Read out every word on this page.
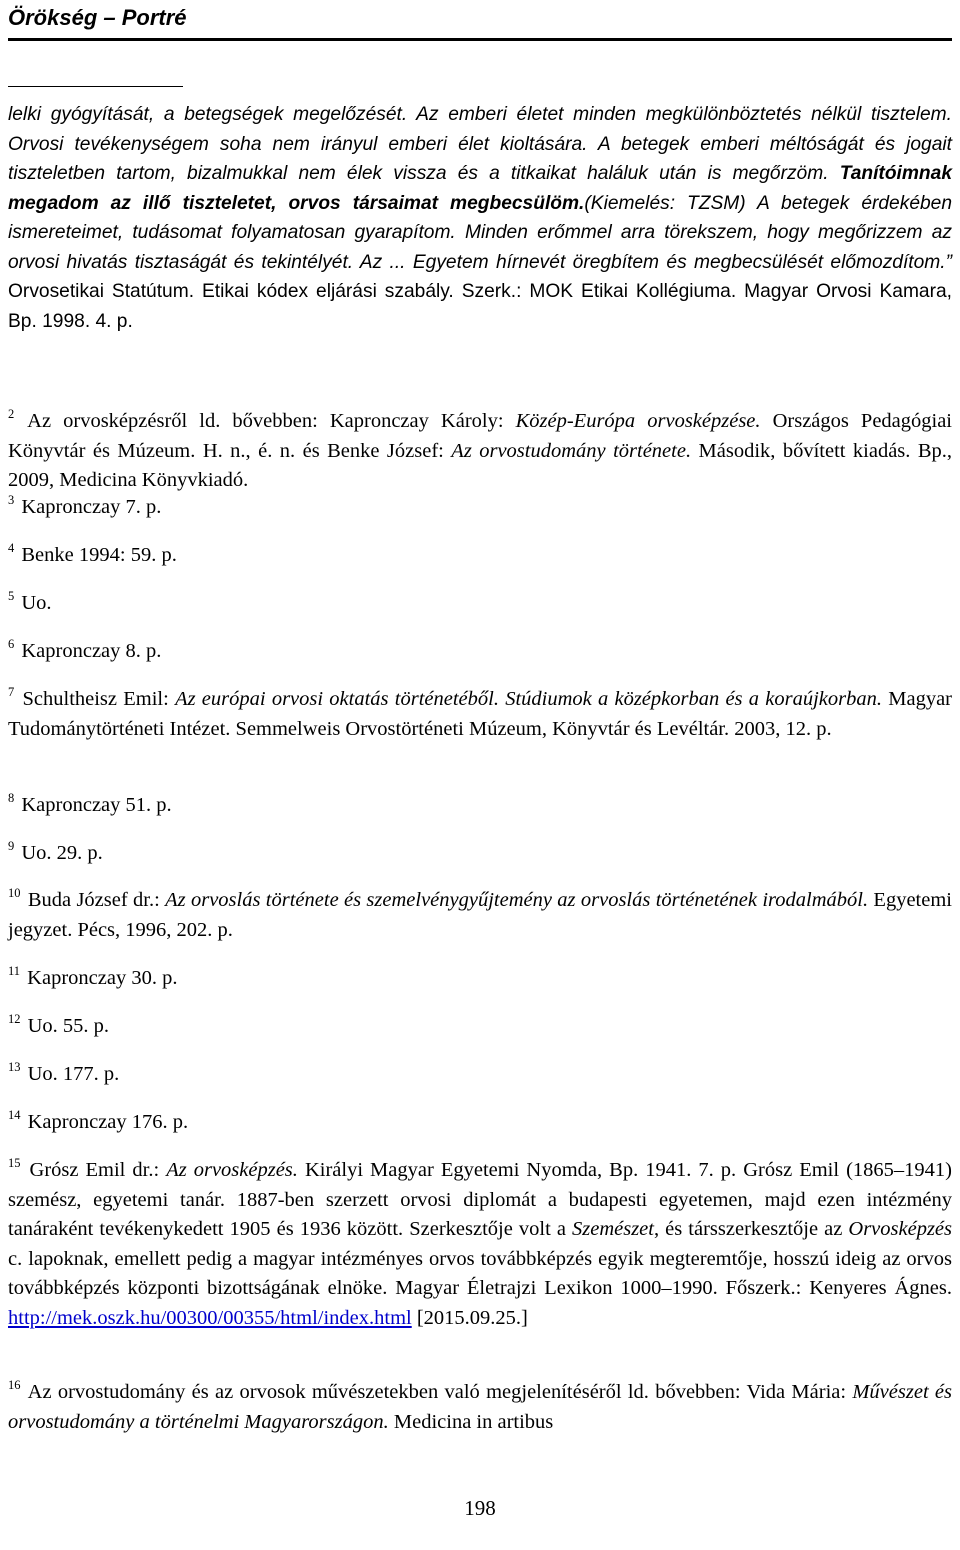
Örökség – Portré

lelki gyógyítását, a betegségek megelőzését. Az emberi életet minden megkülönböztetés nélkül tisztelem. Orvosi tevékenységem soha nem irányul emberi élet kioltására. A betegek emberi méltóságát és jogait tiszteletben tartom, bizalmukkal nem élek vissza és a titkaikat haláluk után is megőrzöm. Tanítóimnak megadom az illő tiszteletet, orvos társaimat megbecsülöm.(Kiemelés: TZSM) A betegek érdekében ismereteimet, tudásomat folyamatosan gyarapítom. Minden erőmmel arra törekszem, hogy megőrizzem az orvosi hivatás tisztaságát és tekintélyét. Az ... Egyetem hírnevét öregbítem és megbecsülését előmozdítom.” Orvosetikai Statútum. Etikai kódex eljárási szabály. Szerk.: MOK Etikai Kollégiuma. Magyar Orvosi Kamara, Bp. 1998. 4. p.

$^2$ Az orvosképzésről ld. bővebben: Kapronczay Károly: Közép-Európa orvosképzése. Országos Pedagógiai Könyvtár és Múzeum. H. n., é. n. és Benke József: Az orvostudomány története. Második, bővített kiadás. Bp., 2009, Medicina Könyvkiadó.

$^3$ Kapronczay 7. p.

$^4$ Benke 1994: 59. p.

$^5$ Uo.

$^6$ Kapronczay 8. p.

$^7$ Schultheisz Emil: Az európai orvosi oktatás történetéből. Stúdiumok a középkorban és a koraújkorban. Magyar Tudománytörténeti Intézet. Semmelweis Orvostörténeti Múzeum, Könyvtár és Levéltár. 2003, 12. p.

$^8$ Kapronczay 51. p.

$^9$ Uo. 29. p.

$^{10}$ Buda József dr.: Az orvoslás története és szemelvénygyűjtemény az orvoslás történetének irodalmából. Egyetemi jegyzet. Pécs, 1996, 202. p.

$^{11}$ Kapronczay 30. p.

$^{12}$ Uo. 55. p.

$^{13}$ Uo. 177. p.

$^{14}$ Kapronczay 176. p.

$^{15}$ Grósz Emil dr.: Az orvosképzés. Királyi Magyar Egyetemi Nyomda, Bp. 1941. 7. p. Grósz Emil (1865–1941) szemész, egyetemi tanár. 1887-ben szerzett orvosi diplomát a budapesti egyetemen, majd ezen intézmény tanáraként tevékenykedett 1905 és 1936 között. Szerkesztője volt a Szemészet, és társszerkesztője az Orvosképzés c. lapoknak, emellett pedig a magyar intézményes orvos továbbképzés egyik megteremtője, hosszú ideig az orvos továbbképzés központi bizottságának elnöke. Magyar Életrajzi Lexikon 1000–1990. Főszerk.: Kenyeres Ágnes. http://mek.oszk.hu/00300/00355/html/index.html [2015.09.25.]

$^{16}$ Az orvostudomány és az orvosok művészetekben való megjelenítéséről ld. bővebben: Vida Mária: Művészet és orvostudomány a történelmi Magyarországon. Medicina in artibus

198
